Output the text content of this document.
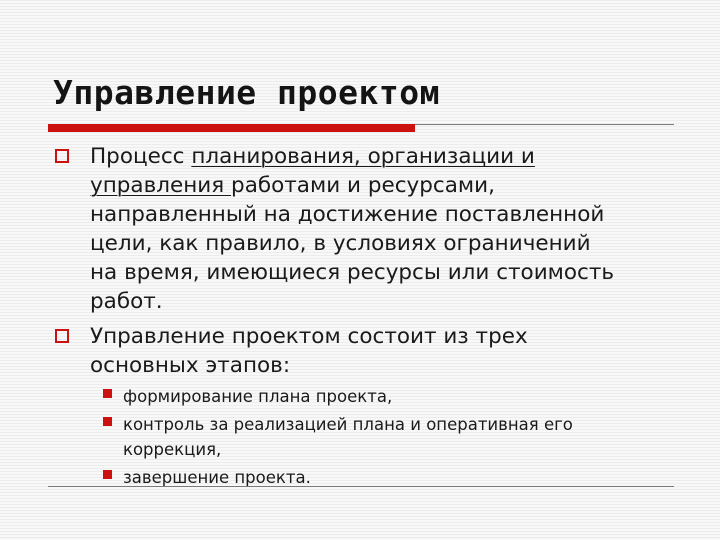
Управление проектом

Процесс планирования, организации и
управления работами и ресурсами,
направленный на достижение поставленной
цели, как правило, в условиях ограничений
на время, имеющиеся ресурсы или стоимость
работ.

Управление проектом состоит из трех
основных этапов:

формирование плана проекта,

контроль за реализацией плана и оперативная его
коррекция,

завершение проекта.
